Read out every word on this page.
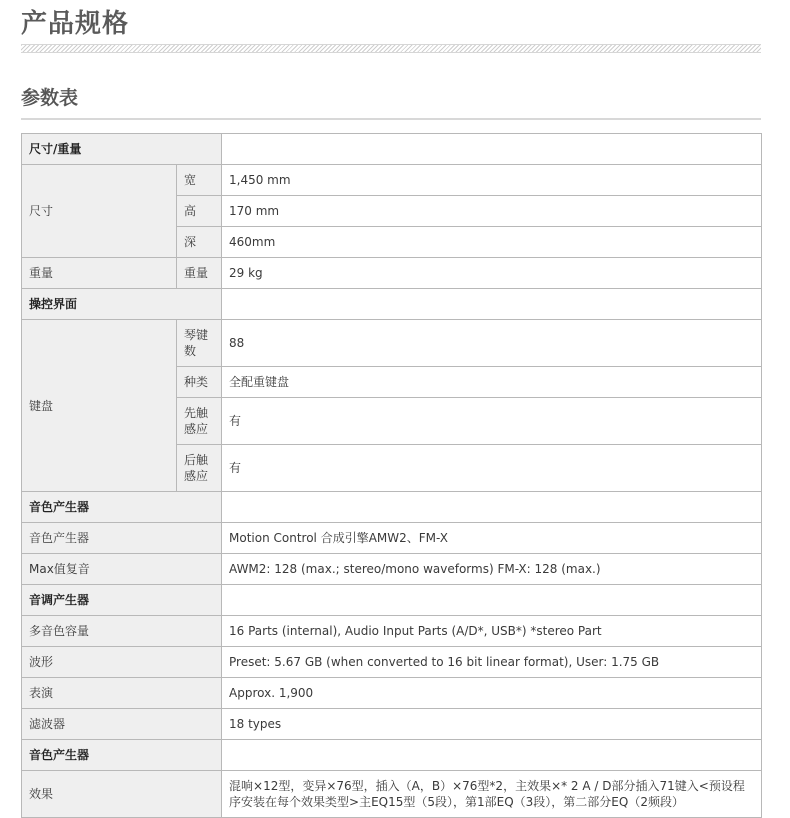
产品规格
参数表
尺寸/重量		
尺寸	宽	1,450 mm
	高	170 mm
	深	460mm
重量	重量	29 kg
操控界面		
键盘	琴键数	88
	种类	全配重键盘
	先触感应	有
	后触感应	有
音色产生器		
音色产生器		Motion Control 合成引擎AMW2、FM-X
Max值复音		AWM2: 128 (max.; stereo/mono waveforms) FM-X: 128 (max.)
音调产生器		
多音色容量		16 Parts (internal), Audio Input Parts (A/D*, USB*) *stereo Part
波形		Preset: 5.67 GB (when converted to 16 bit linear format), User: 1.75 GB
表演		Approx. 1,900
滤波器		18 types
音色产生器		
效果		混响×12型，变异×76型，插入（A，B）×76型*2，主效果×* 2 A / D部分插入71键入<预设程序安装在每个效果类型>主EQ15型（5段），第1部EQ（3段），第二部分EQ（2频段）
